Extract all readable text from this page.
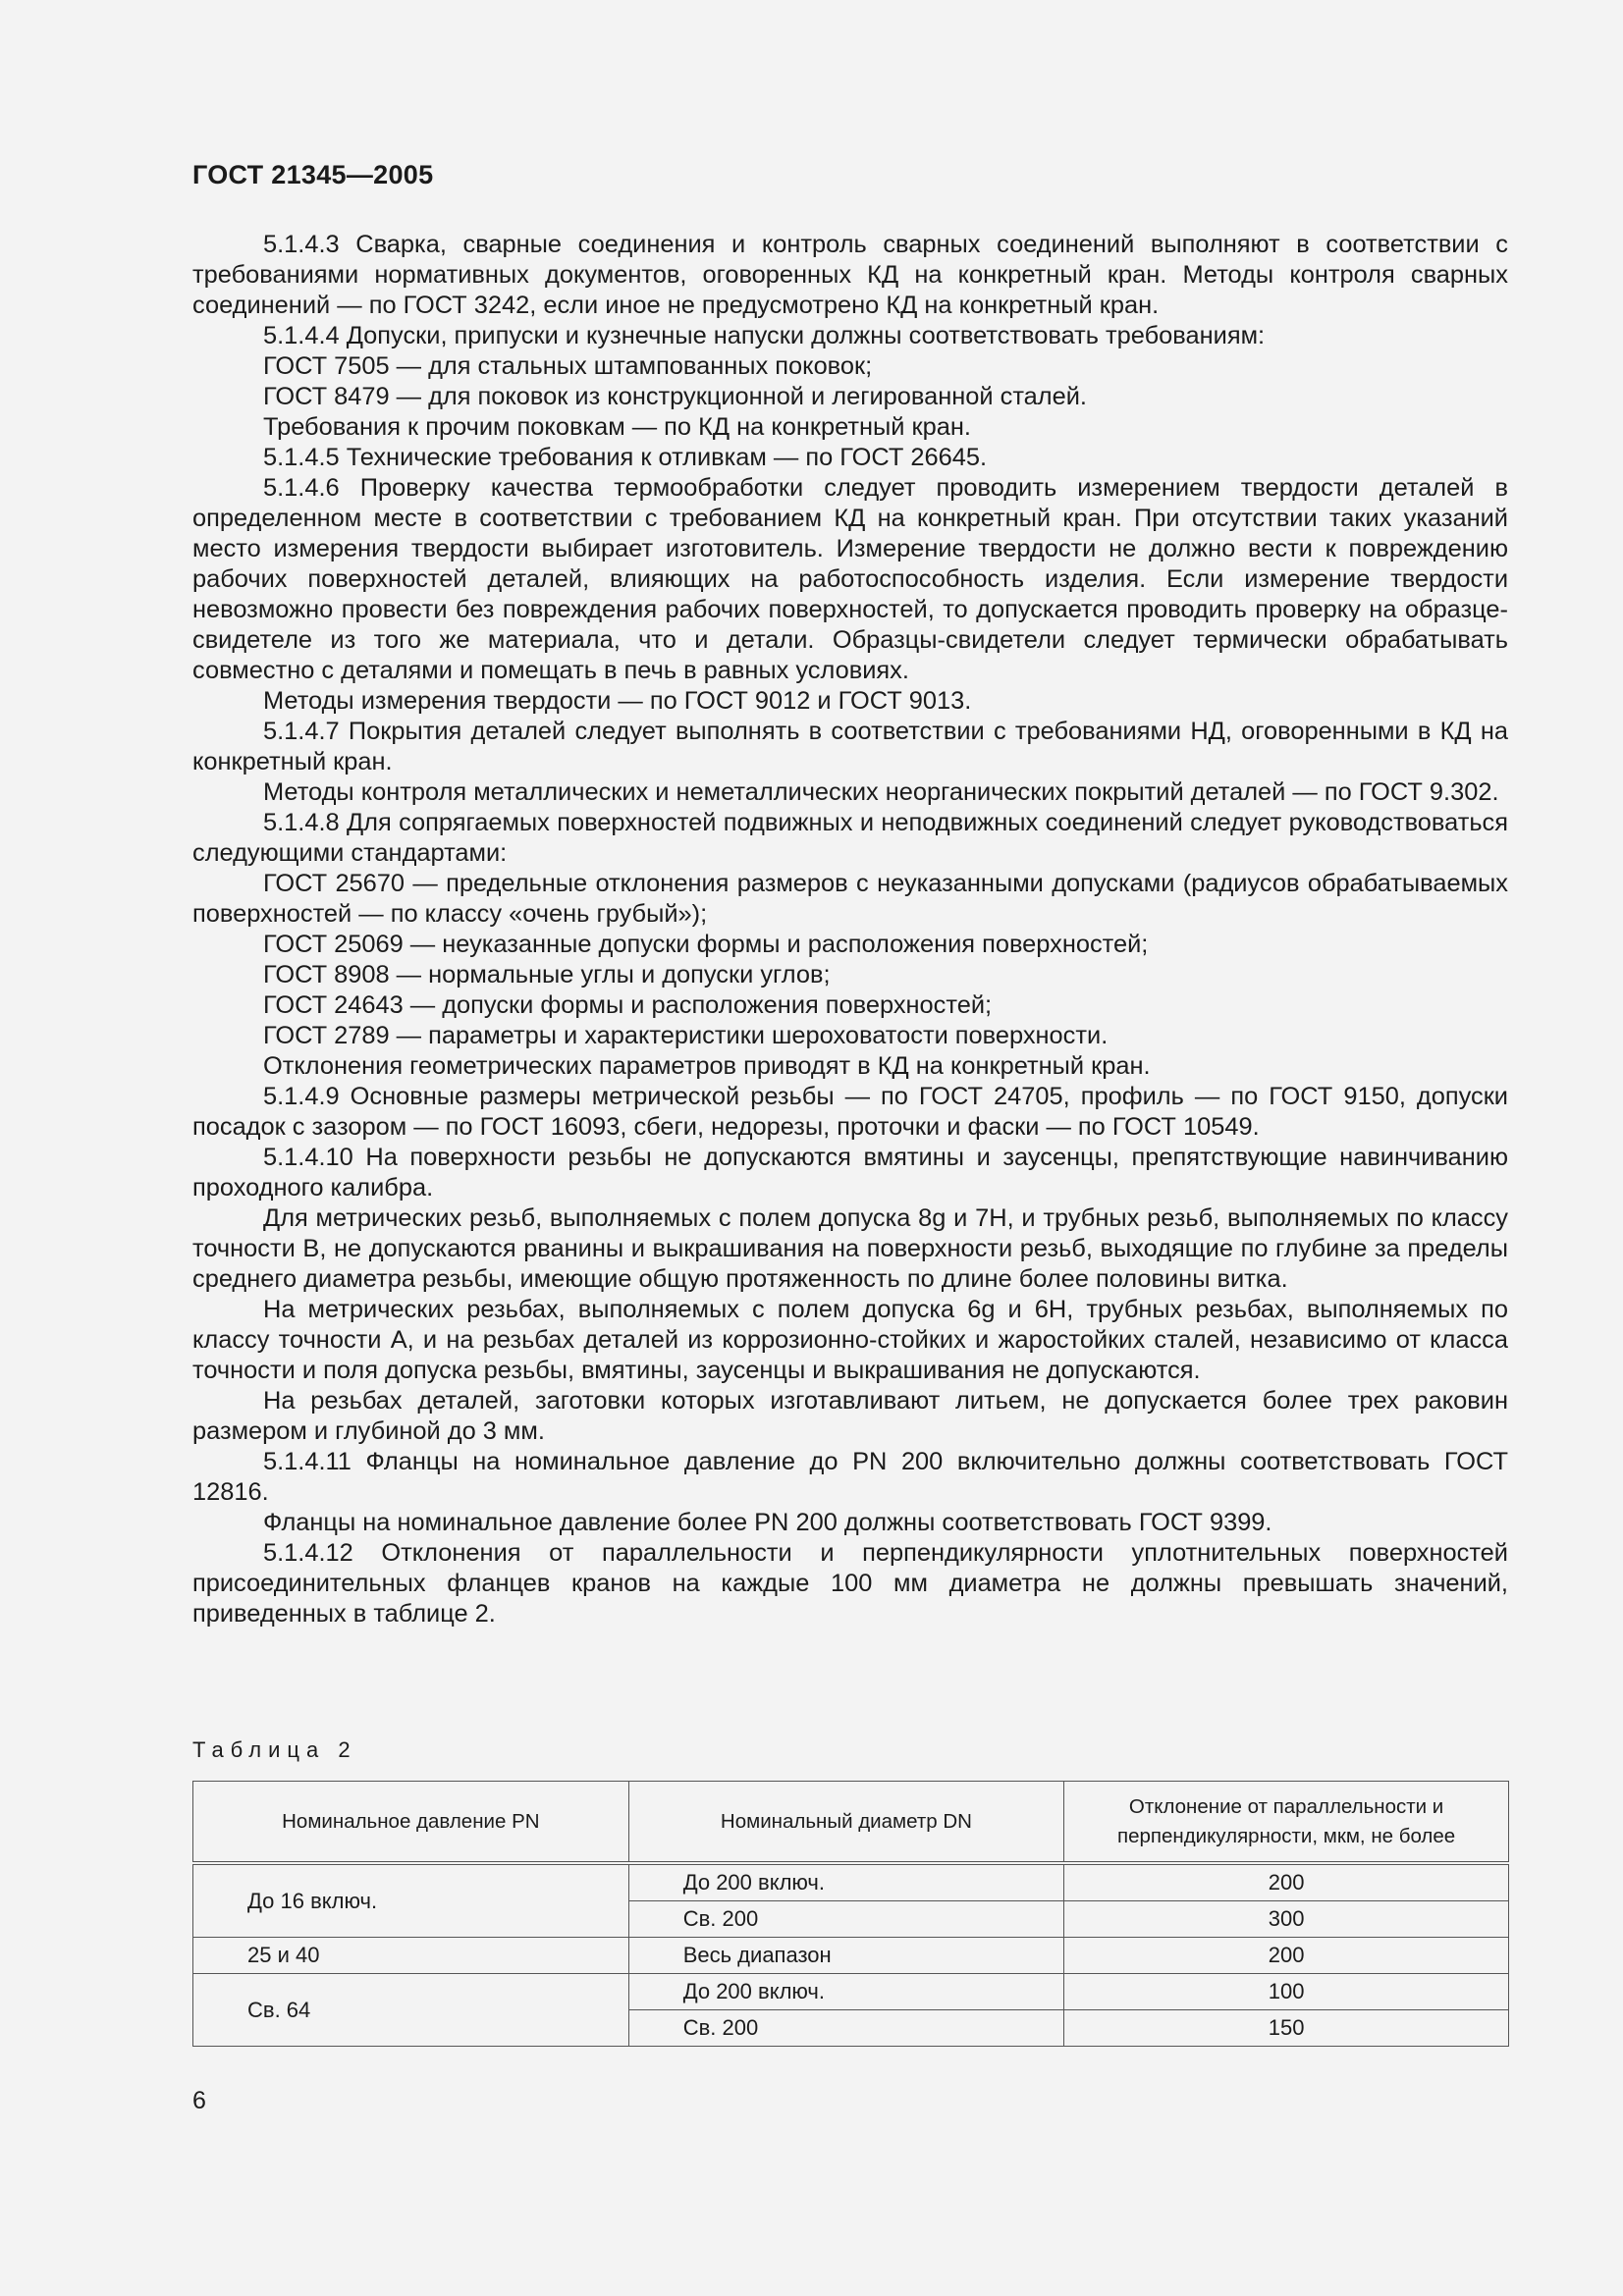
ГОСТ 21345—2005

5.1.4.3 Сварка, сварные соединения и контроль сварных соединений выполняют в соответствии с требованиями нормативных документов, оговоренных КД на конкретный кран. Методы контроля сварных соединений — по ГОСТ 3242, если иное не предусмотрено КД на конкретный кран.

5.1.4.4 Допуски, припуски и кузнечные напуски должны соответствовать требованиям:

ГОСТ 7505 — для стальных штампованных поковок;

ГОСТ 8479 — для поковок из конструкционной и легированной сталей.

Требования к прочим поковкам — по КД на конкретный кран.

5.1.4.5 Технические требования к отливкам — по ГОСТ 26645.

5.1.4.6 Проверку качества термообработки следует проводить измерением твердости деталей в определенном месте в соответствии с требованием КД на конкретный кран. При отсутствии таких указаний место измерения твердости выбирает изготовитель. Измерение твердости не должно вести к повреждению рабочих поверхностей деталей, влияющих на работоспособность изделия. Если измерение твердости невозможно провести без повреждения рабочих поверхностей, то допускается проводить проверку на образце-свидетеле из того же материала, что и детали. Образцы-свидетели следует термически обрабатывать совместно с деталями и помещать в печь в равных условиях.

Методы измерения твердости — по ГОСТ 9012 и ГОСТ 9013.

5.1.4.7 Покрытия деталей следует выполнять в соответствии с требованиями НД, оговоренными в КД на конкретный кран.

Методы контроля металлических и неметаллических неорганических покрытий деталей — по ГОСТ 9.302.

5.1.4.8 Для сопрягаемых поверхностей подвижных и неподвижных соединений следует руководствоваться следующими стандартами:

ГОСТ 25670 — предельные отклонения размеров с неуказанными допусками (радиусов обрабатываемых поверхностей — по классу «очень грубый»);

ГОСТ 25069 — неуказанные допуски формы и расположения поверхностей;

ГОСТ 8908 — нормальные углы и допуски углов;

ГОСТ 24643 — допуски формы и расположения поверхностей;

ГОСТ 2789 — параметры и характеристики шероховатости поверхности.

Отклонения геометрических параметров приводят в КД на конкретный кран.

5.1.4.9 Основные размеры метрической резьбы — по ГОСТ 24705, профиль — по ГОСТ 9150, допуски посадок с зазором — по ГОСТ 16093, сбеги, недорезы, проточки и фаски — по ГОСТ 10549.

5.1.4.10 На поверхности резьбы не допускаются вмятины и заусенцы, препятствующие навинчиванию проходного калибра.

Для метрических резьб, выполняемых с полем допуска 8g и 7H, и трубных резьб, выполняемых по классу точности B, не допускаются рванины и выкрашивания на поверхности резьб, выходящие по глубине за пределы среднего диаметра резьбы, имеющие общую протяженность по длине более половины витка.

На метрических резьбах, выполняемых с полем допуска 6g и 6H, трубных резьбах, выполняемых по классу точности A, и на резьбах деталей из коррозионно-стойких и жаростойких сталей, независимо от класса точности и поля допуска резьбы, вмятины, заусенцы и выкрашивания не допускаются.

На резьбах деталей, заготовки которых изготавливают литьем, не допускается более трех раковин размером и глубиной до 3 мм.

5.1.4.11 Фланцы на номинальное давление до PN 200 включительно должны соответствовать ГОСТ 12816.

Фланцы на номинальное давление более PN 200 должны соответствовать ГОСТ 9399.

5.1.4.12 Отклонения от параллельности и перпендикулярности уплотнительных поверхностей присоединительных фланцев кранов на каждые 100 мм диаметра не должны превышать значений, приведенных в таблице 2.

Таблица 2
Номинальное давление PN	Номинальный диаметр DN	Отклонение от параллельности и перпендикулярности, мкм, не более
До 16 включ.	До 200 включ.	200
	Св. 200	300
25 и 40	Весь диапазон	200
Св. 64	До 200 включ.	100
	Св. 200	150
6
